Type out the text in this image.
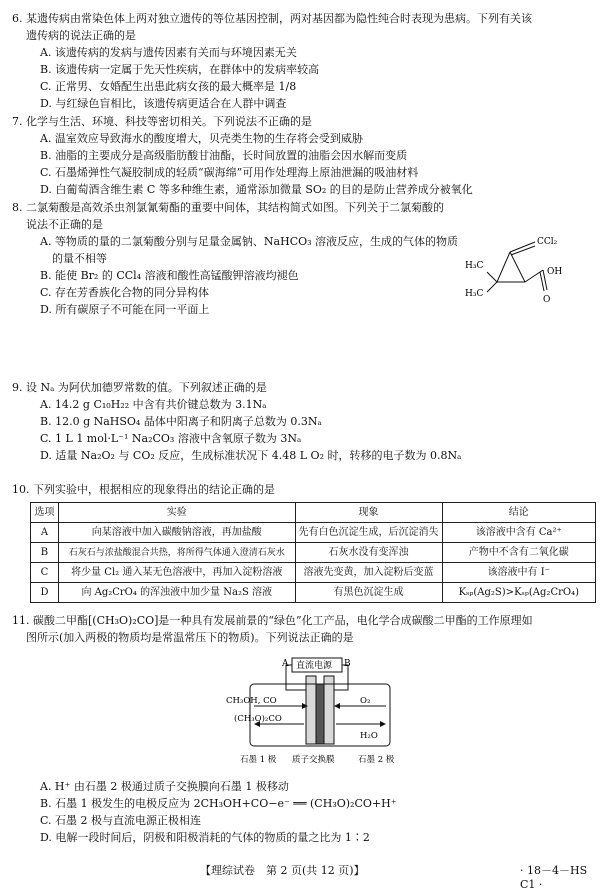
6. 某遗传病由常染色体上两对独立遗传的等位基因控制，两对基因都为隐性纯合时表现为患病。下列有关该
遗传病的说法正确的是
A. 该遗传病的发病与遗传因素有关而与环境因素无关
B. 该遗传病一定属于先天性疾病，在群体中的发病率较高
C. 正常男、女婚配生出患此病女孩的最大概率是 1/8
D. 与红绿色盲相比，该遗传病更适合在人群中调查
7. 化学与生活、环境、科技等密切相关。下列说法不正确的是
A. 温室效应导致海水的酸度增大，贝壳类生物的生存将会受到威胁
B. 油脂的主要成分是高级脂肪酸甘油酯，长时间放置的油脂会因水解而变质
C. 石墨烯弹性气凝胶制成的轻质“碳海绵”可用作处理海上原油泄漏的吸油材料
D. 白葡萄酒含维生素 C 等多种维生素，通常添加微量 SO₂ 的目的是防止营养成分被氧化
8. 二氯菊酸是高效杀虫剂氯氰菊酯的重要中间体，其结构简式如图。下列关于二氯菊酸的
说法不正确的是
A. 等物质的量的二氯菊酸分别与足量金属钠、NaHCO₃ 溶液反应，生成的气体的物质
的量不相等
B. 能使 Br₂ 的 CCl₄ 溶液和酸性高锰酸钾溶液均褪色
C. 存在芳香族化合物的同分异构体
D. 所有碳原子不可能在同一平面上
CCl₂
H₃C
H₃C
OH
O
9. 设 Nₐ 为阿伏加德罗常数的值。下列叙述正确的是
A. 14.2 g C₁₀H₂₂ 中含有共价键总数为 3.1Nₐ
B. 12.0 g NaHSO₄ 晶体中阳离子和阴离子总数为 0.3Nₐ
C. 1 L 1 mol·L⁻¹ Na₂CO₃ 溶液中含氧原子数为 3Nₐ
D. 适量 Na₂O₂ 与 CO₂ 反应，生成标准状况下 4.48 L O₂ 时，转移的电子数为 0.8Nₐ
10. 下列实验中，根据相应的现象得出的结论正确的是
选项	实验	现象	结论
A	向某溶液中加入碳酸钠溶液，再加盐酸	先有白色沉淀生成，后沉淀消失	该溶液中含有 Ca²⁺
B	石灰石与浓盐酸混合共热，将所得气体通入澄清石灰水	石灰水没有变浑浊	产物中不含有二氧化碳
C	将少量 Cl₂ 通入某无色溶液中，再加入淀粉溶液	溶液先变黄，加入淀粉后变蓝	该溶液中有 I⁻
D	向 Ag₂CrO₄ 的浑浊液中加少量 Na₂S 溶液	有黑色沉淀生成	Kₛₚ(Ag₂S)>Kₛₚ(Ag₂CrO₄)
11. 碳酸二甲酯[(CH₃O)₂CO]是一种具有发展前景的“绿色”化工产品，电化学合成碳酸二甲酯的工作原理如
图所示(加入两极的物质均是常温常压下的物质)。下列说法正确的是
直流电源
A	B
CH₃OH, CO
(CH₃O)₂CO
O₂
H₂O
石墨 1 极 质子交换膜	石墨 2 极
A. H⁺ 由石墨 2 极通过质子交换膜向石墨 1 极移动
B. 石墨 1 极发生的电极反应为 2CH₃OH+CO−e⁻ ══ (CH₃O)₂CO+H⁺
C. 石墨 2 极与直流电源正极相连
D. 电解一段时间后，阴极和阳极消耗的气体的物质的量之比为 1∶2
【理综试卷　第 2 页(共 12 页)】	· 18－4－HS C1 ·
